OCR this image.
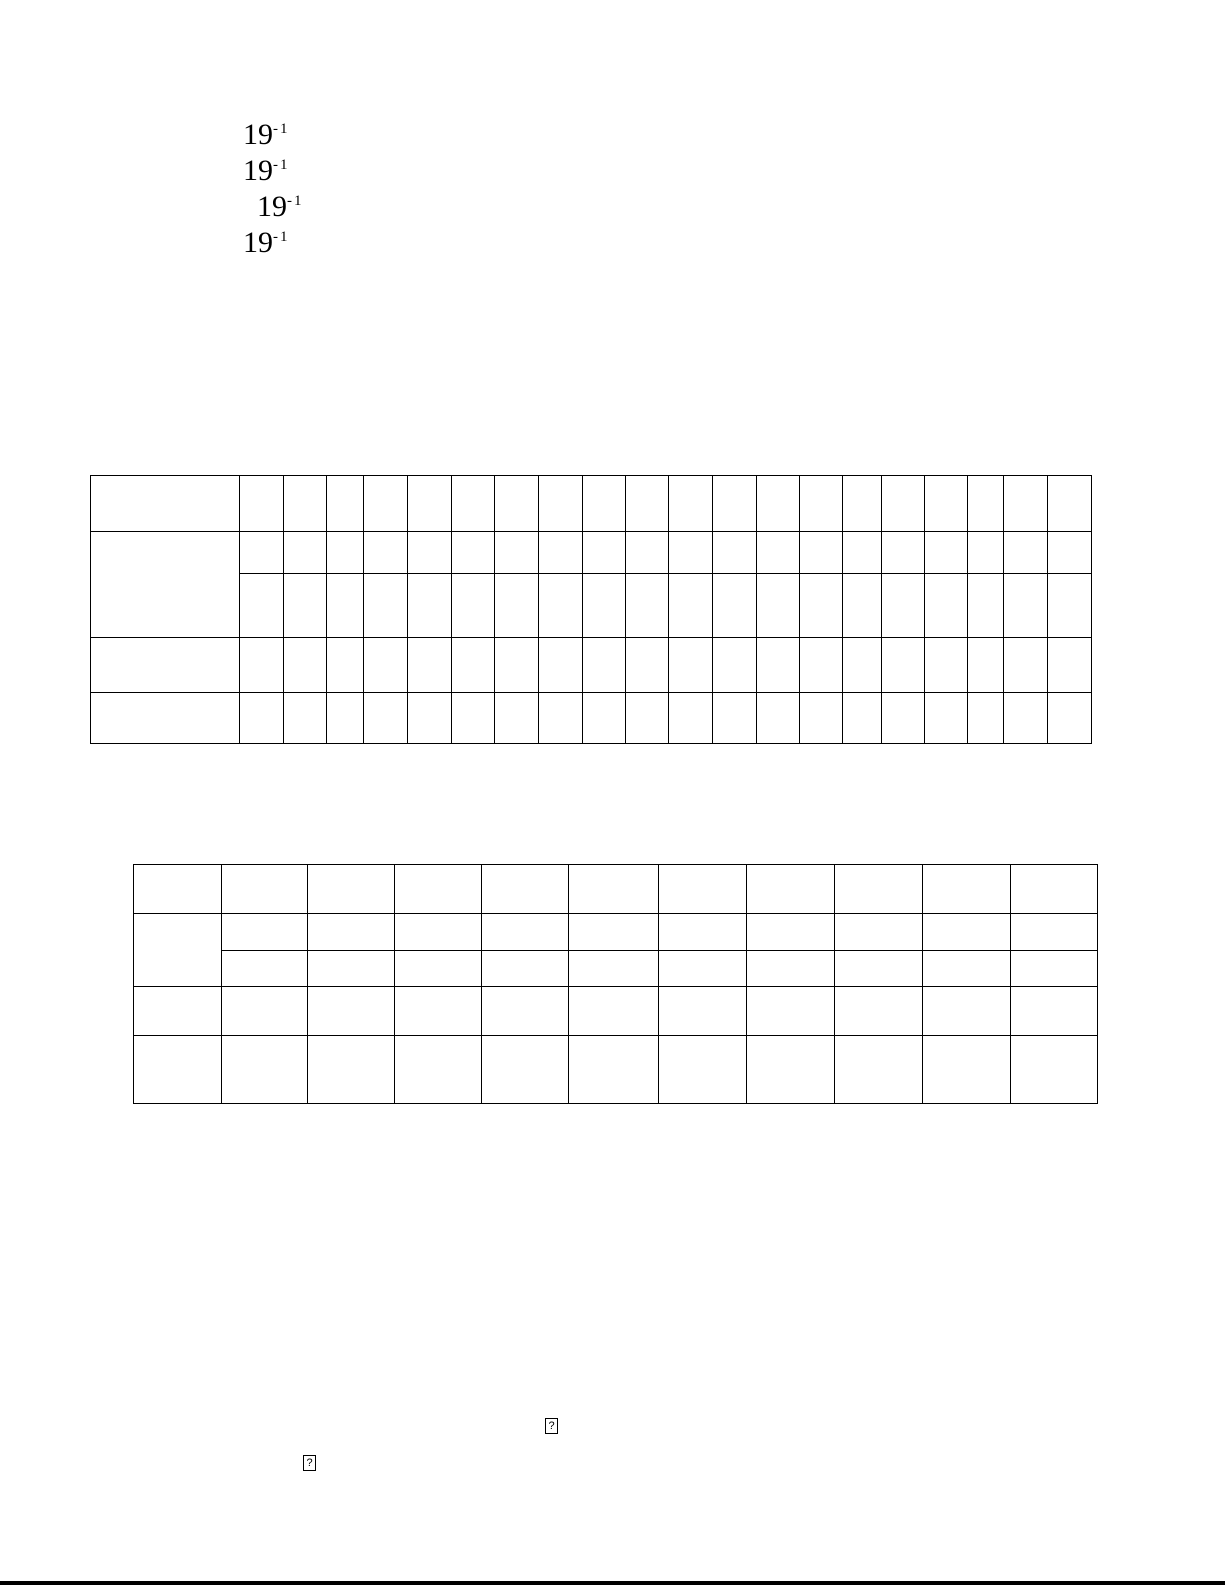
$19^{-1}$
$19^{-1}$
$19^{-1}$
$19^{-1}$

?
?
